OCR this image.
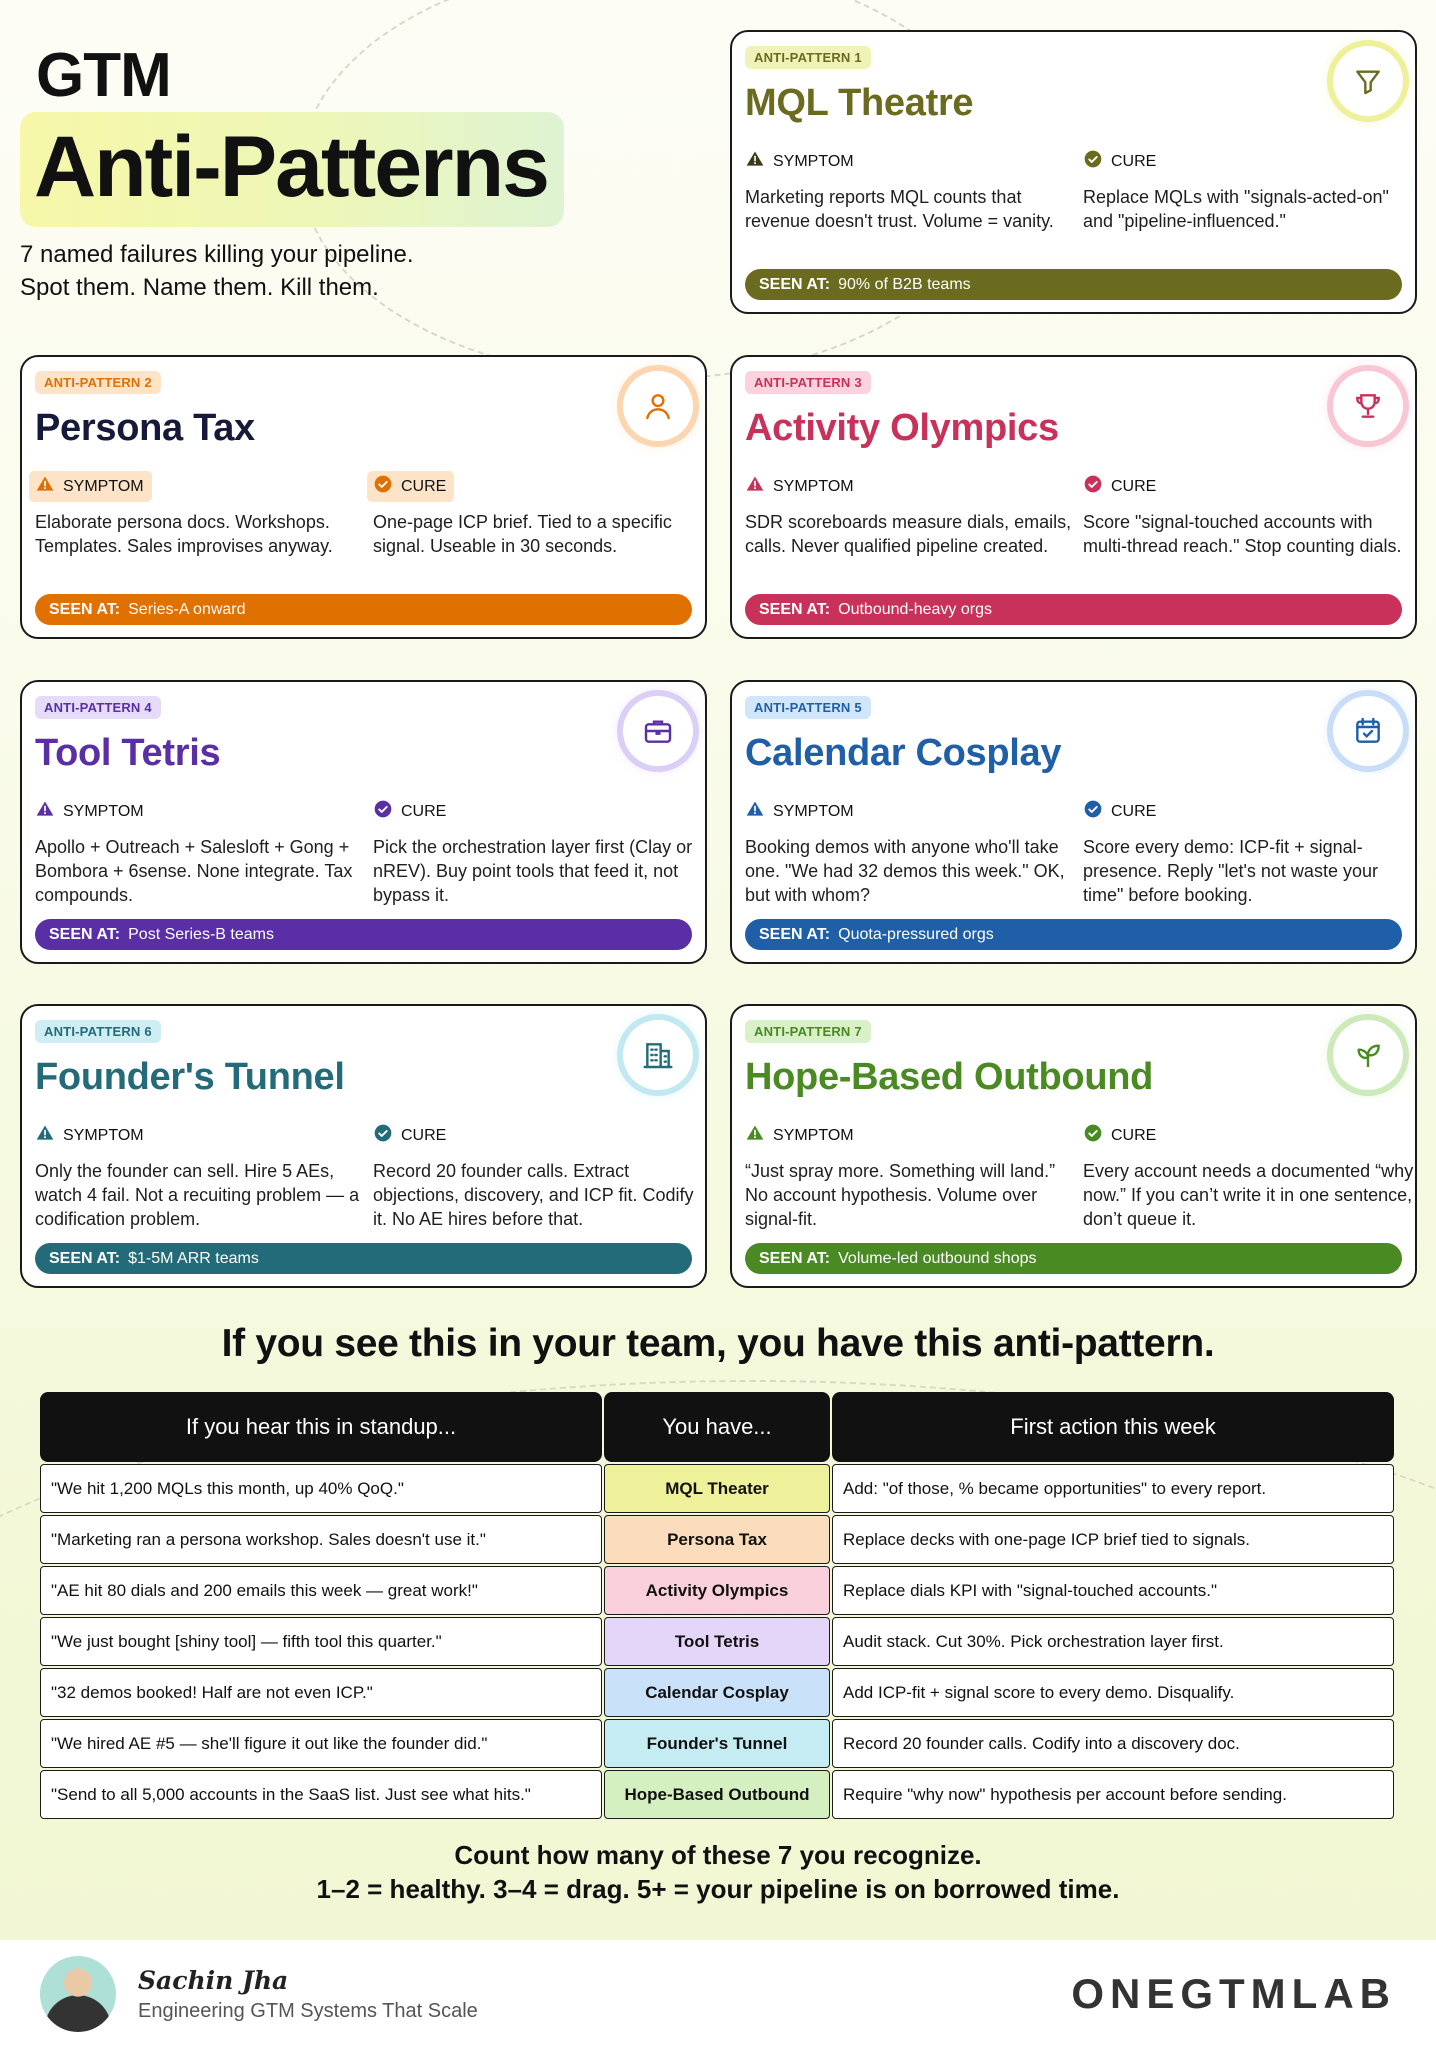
GTM
Anti-Patterns
7 named failures killing your pipeline.
Spot them. Name them. Kill them.
ANTI-PATTERN 1
MQL Theatre
SYMPTOM
Marketing reports MQL counts that revenue doesn't trust. Volume = vanity.
CURE
Replace MQLs with "signals-acted-on" and "pipeline-influenced."
SEEN AT: 90% of B2B teams
ANTI-PATTERN 2
Persona Tax
SYMPTOM
Elaborate persona docs. Workshops. Templates. Sales improvises anyway.
CURE
One-page ICP brief. Tied to a specific signal. Useable in 30 seconds.
SEEN AT: Series-A onward
ANTI-PATTERN 3
Activity Olympics
SYMPTOM
SDR scoreboards measure dials, emails, calls. Never qualified pipeline created.
CURE
Score "signal-touched accounts with multi-thread reach." Stop counting dials.
SEEN AT: Outbound-heavy orgs
ANTI-PATTERN 4
Tool Tetris
SYMPTOM
Apollo + Outreach + Salesloft + Gong + Bombora + 6sense. None integrate. Tax compounds.
CURE
Pick the orchestration layer first (Clay or nREV). Buy point tools that feed it, not bypass it.
SEEN AT: Post Series-B teams
ANTI-PATTERN 5
Calendar Cosplay
SYMPTOM
Booking demos with anyone who'll take one. "We had 32 demos this week." OK, but with whom?
CURE
Score every demo: ICP-fit + signal-presence. Reply "let's not waste your time" before booking.
SEEN AT: Quota-pressured orgs
ANTI-PATTERN 6
Founder's Tunnel
SYMPTOM
Only the founder can sell. Hire 5 AEs, watch 4 fail. Not a recuiting problem — a codification problem.
CURE
Record 20 founder calls. Extract objections, discovery, and ICP fit. Codify it. No AE hires before that.
SEEN AT: $1-5M ARR teams
ANTI-PATTERN 7
Hope-Based Outbound
SYMPTOM
“Just spray more. Something will land.” No account hypothesis. Volume over signal-fit.
CURE
Every account needs a documented “why now.” If you can’t write it in one sentence, don’t queue it.
SEEN AT: Volume-led outbound shops
If you see this in your team, you have this anti-pattern.
If you hear this in standup...	You have...	First action this week
"We hit 1,200 MQLs this month, up 40% QoQ."	MQL Theater	Add: "of those, % became opportunities" to every report.
"Marketing ran a persona workshop. Sales doesn't use it."	Persona Tax	Replace decks with one-page ICP brief tied to signals.
"AE hit 80 dials and 200 emails this week — great work!"	Activity Olympics	Replace dials KPI with "signal-touched accounts."
"We just bought [shiny tool] — fifth tool this quarter."	Tool Tetris	Audit stack. Cut 30%. Pick orchestration layer first.
"32 demos booked! Half are not even ICP."	Calendar Cosplay	Add ICP-fit + signal score to every demo. Disqualify.
"We hired AE #5 — she'll figure it out like the founder did."	Founder's Tunnel	Record 20 founder calls. Codify into a discovery doc.
"Send to all 5,000 accounts in the SaaS list. Just see what hits."	Hope-Based Outbound	Require "why now" hypothesis per account before sending.
Count how many of these 7 you recognize.
1–2 = healthy. 3–4 = drag. 5+ = your pipeline is on borrowed time.
Sachin Jha
Engineering GTM Systems That Scale	ONEGTMLAB
